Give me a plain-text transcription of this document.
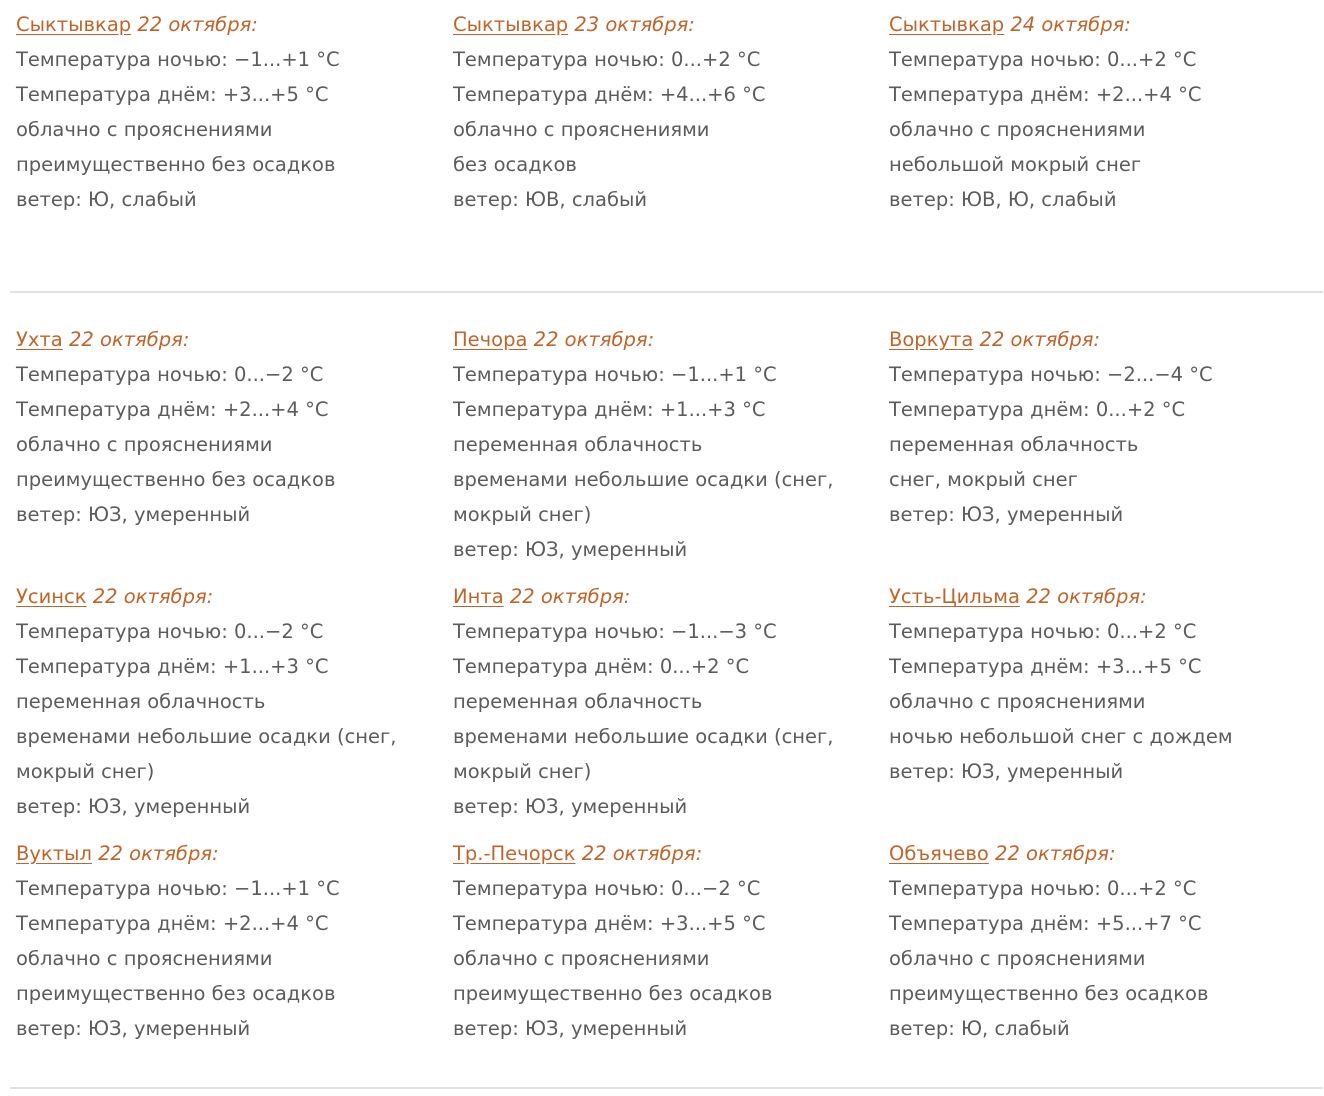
Сыктывкар 22 октября:
Температура ночью: −1...+1 °C
Температура днём: +3...+5 °C
облачно с прояснениями
преимущественно без осадков
ветер: Ю, слабый
Сыктывкар 23 октября:
Температура ночью: 0...+2 °C
Температура днём: +4...+6 °C
облачно с прояснениями
без осадков
ветер: ЮВ, слабый
Сыктывкар 24 октября:
Температура ночью: 0...+2 °C
Температура днём: +2...+4 °C
облачно с прояснениями
небольшой мокрый снег
ветер: ЮВ, Ю, слабый
Ухта 22 октября:
Температура ночью: 0...−2 °C
Температура днём: +2...+4 °C
облачно с прояснениями
преимущественно без осадков
ветер: ЮЗ, умеренный
Печора 22 октября:
Температура ночью: −1...+1 °C
Температура днём: +1...+3 °C
переменная облачность
временами небольшие осадки (снег, мокрый снег)
ветер: ЮЗ, умеренный
Воркута 22 октября:
Температура ночью: −2...−4 °C
Температура днём: 0...+2 °C
переменная облачность
снег, мокрый снег
ветер: ЮЗ, умеренный
Усинск 22 октября:
Температура ночью: 0...−2 °C
Температура днём: +1...+3 °C
переменная облачность
временами небольшие осадки (снег, мокрый снег)
ветер: ЮЗ, умеренный
Инта 22 октября:
Температура ночью: −1...−3 °C
Температура днём: 0...+2 °C
переменная облачность
временами небольшие осадки (снег, мокрый снег)
ветер: ЮЗ, умеренный
Усть-Цильма 22 октября:
Температура ночью: 0...+2 °C
Температура днём: +3...+5 °C
облачно с прояснениями
ночью небольшой снег с дождем
ветер: ЮЗ, умеренный
Вуктыл 22 октября:
Температура ночью: −1...+1 °C
Температура днём: +2...+4 °C
облачно с прояснениями
преимущественно без осадков
ветер: ЮЗ, умеренный
Тр.-Печорск 22 октября:
Температура ночью: 0...−2 °C
Температура днём: +3...+5 °C
облачно с прояснениями
преимущественно без осадков
ветер: ЮЗ, умеренный
Объячево 22 октября:
Температура ночью: 0...+2 °C
Температура днём: +5...+7 °C
облачно с прояснениями
преимущественно без осадков
ветер: Ю, слабый
